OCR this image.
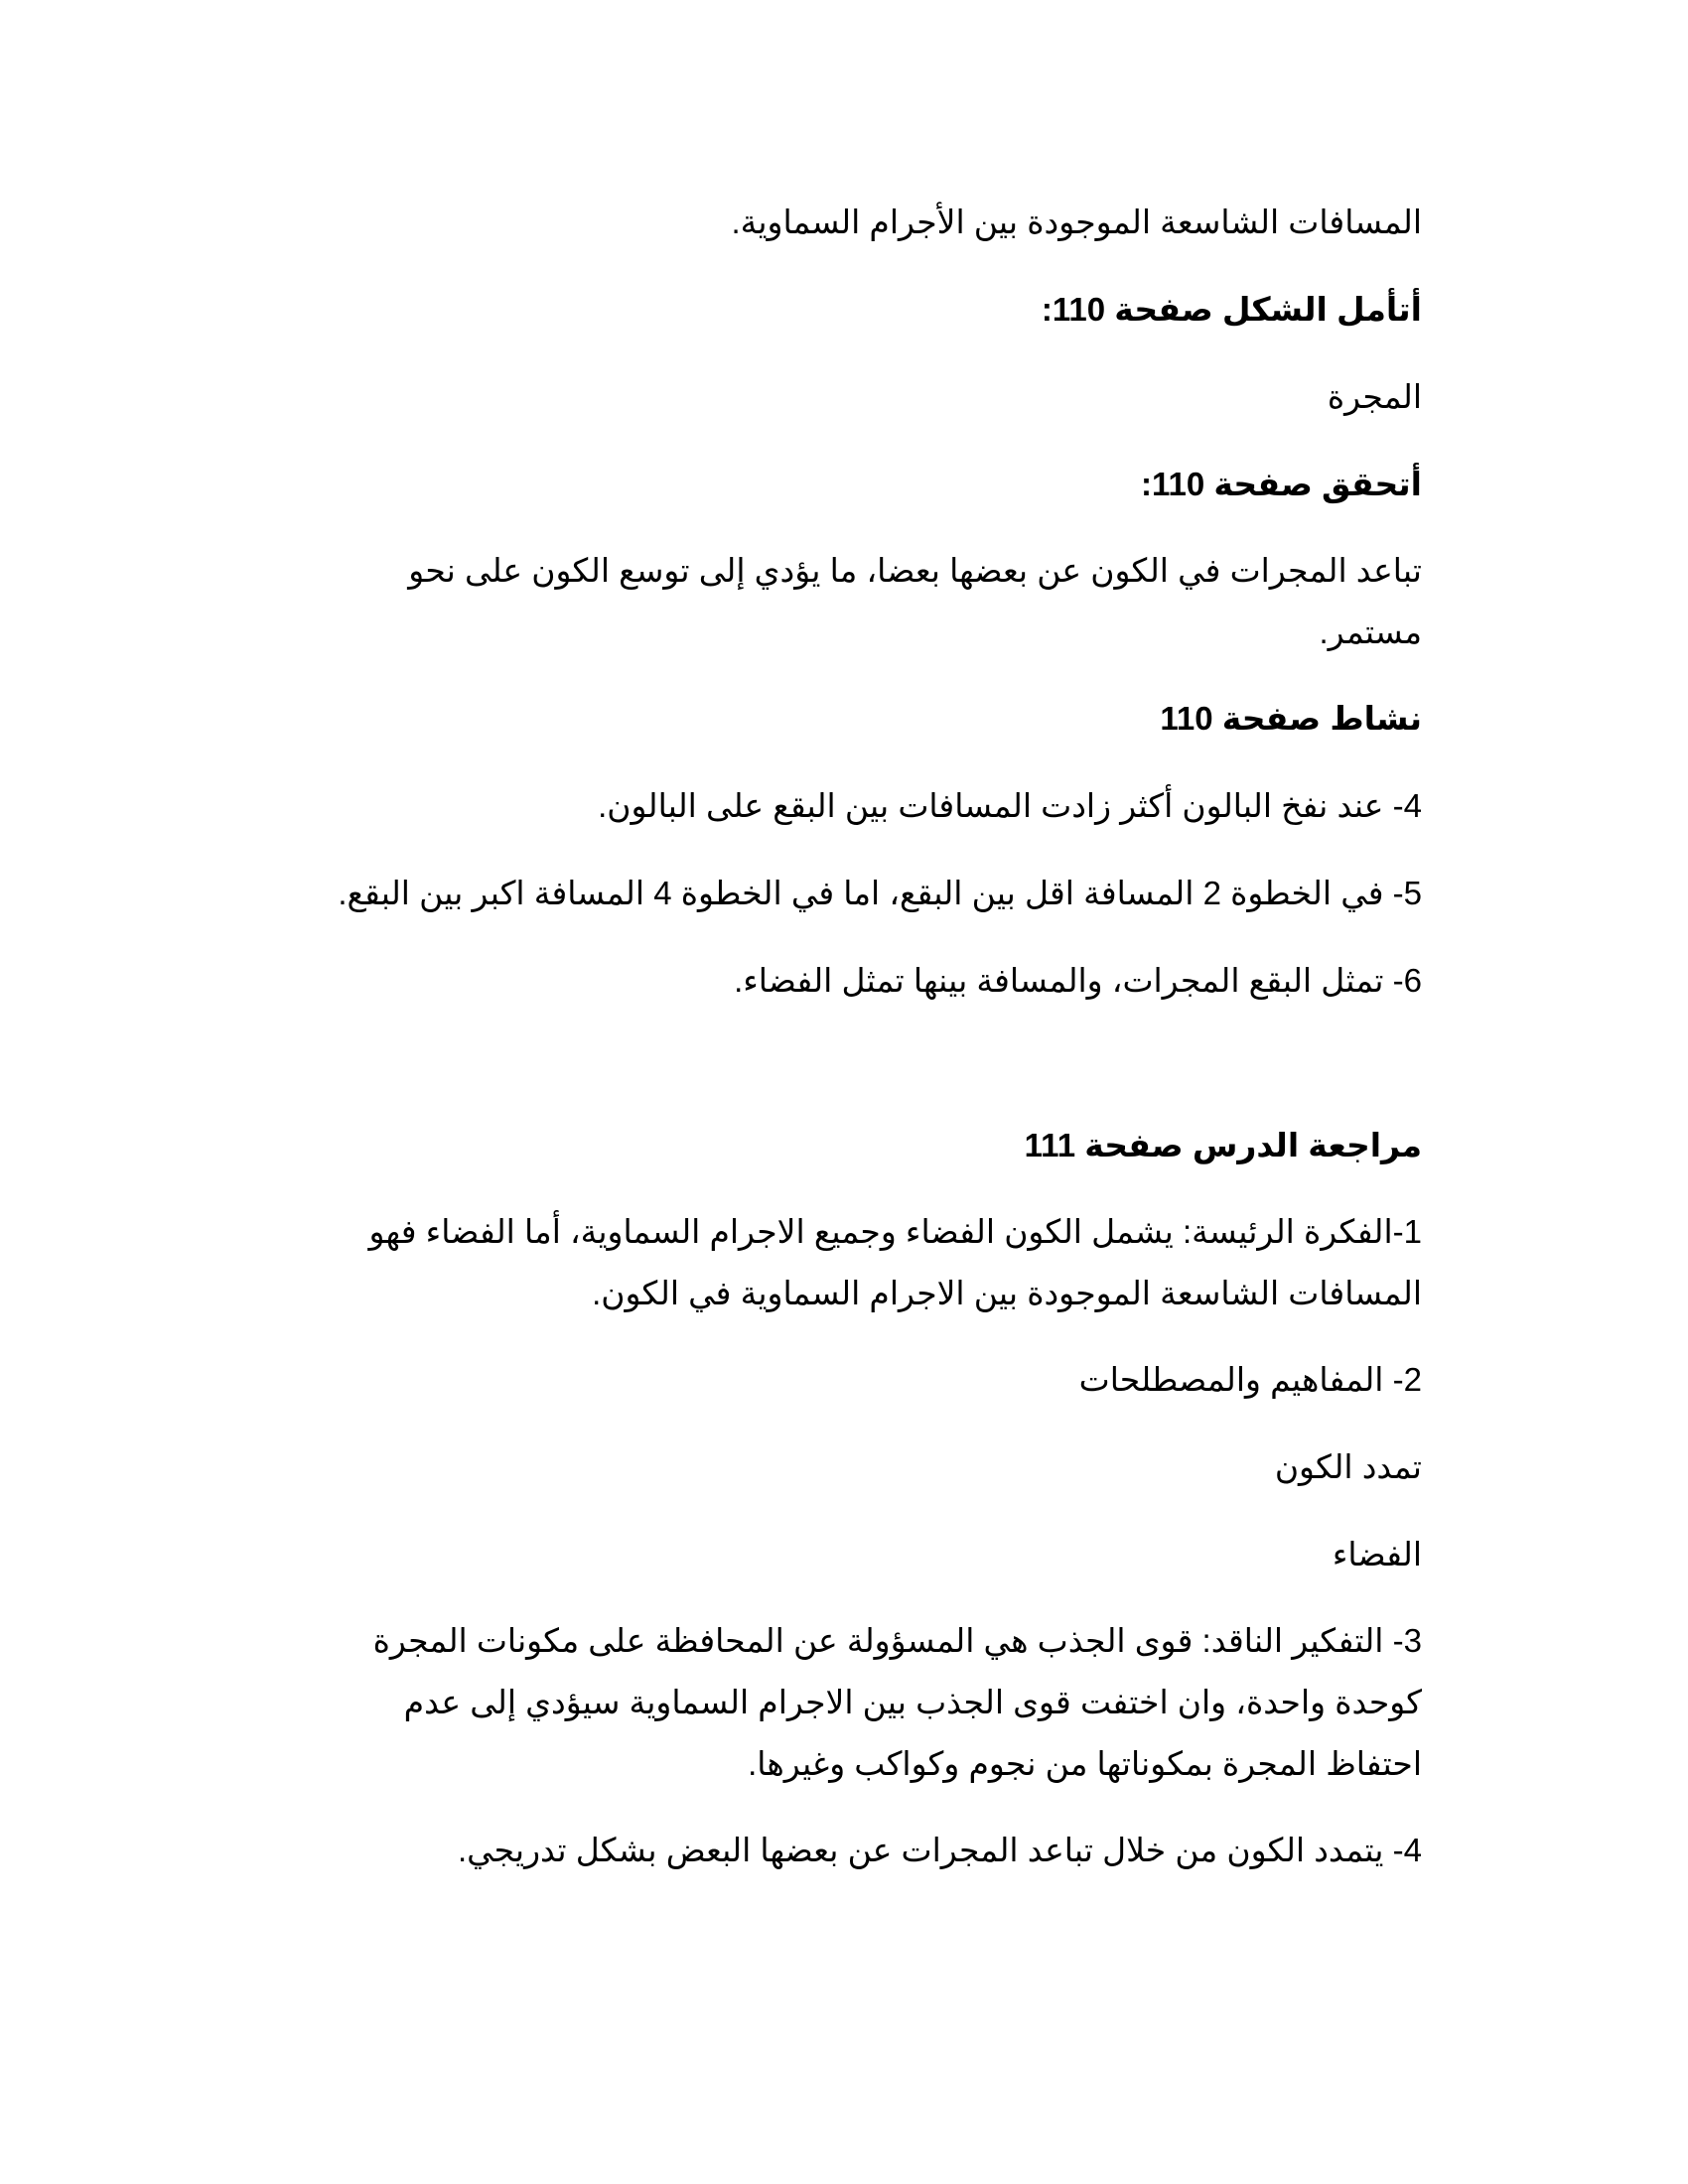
المسافات الشاسعة الموجودة بين الأجرام السماوية.

أتأمل الشكل صفحة 110:

المجرة

أتحقق صفحة 110:

تباعد المجرات في الكون عن بعضها بعضا، ما يؤدي إلى توسع الكون على نحو مستمر.

نشاط صفحة 110

4- عند نفخ البالون أكثر زادت المسافات بين البقع على البالون.

5- في الخطوة 2 المسافة اقل بين البقع، اما في الخطوة 4 المسافة اكبر بين البقع.

6- تمثل البقع المجرات، والمسافة بينها تمثل الفضاء.

مراجعة الدرس صفحة 111

1-الفكرة الرئيسة: يشمل الكون الفضاء وجميع الاجرام السماوية، أما الفضاء فهو المسافات الشاسعة الموجودة بين الاجرام السماوية في الكون.

2- المفاهيم والمصطلحات

تمدد الكون

الفضاء

3- التفكير الناقد: قوى الجذب هي المسؤولة عن المحافظة على مكونات المجرة كوحدة واحدة، وان اختفت قوى الجذب بين الاجرام السماوية سيؤدي إلى عدم احتفاظ المجرة بمكوناتها من نجوم وكواكب وغيرها.

4- يتمدد الكون من خلال تباعد المجرات عن بعضها البعض بشكل تدريجي.
